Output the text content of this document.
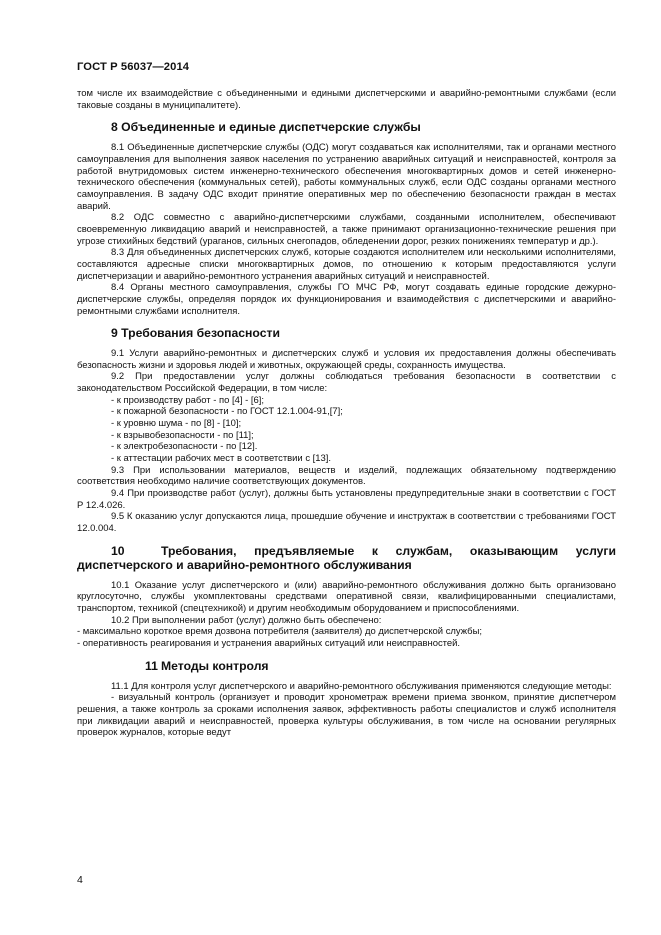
ГОСТ Р 56037—2014

том числе их взаимодействие с объединенными и едиными диспетчерскими и аварийно-ремонтными службами (если таковые созданы в муниципалитете).

8 Объединенные и единые диспетчерские службы

8.1 Объединенные диспетчерские службы (ОДС) могут создаваться как исполнителями, так и органами местного самоуправления для выполнения заявок населения по устранению аварийных ситуаций и неисправностей, контроля за работой внутридомовых систем инженерно-технического обеспечения многоквартирных домов и сетей инженерно-технического обеспечения (коммунальных сетей), работы коммунальных служб, если ОДС созданы органами местного самоуправления. В задачу ОДС входит принятие оперативных мер по обеспечению безопасности граждан в местах аварий.

8.2 ОДС совместно с аварийно-диспетчерскими службами, созданными исполнителем, обеспечивают своевременную ликвидацию аварий и неисправностей, а также принимают организационно-технические решения при угрозе стихийных бедствий (ураганов, сильных снегопадов, обледенении дорог, резких понижениях температур и др.).

8.3 Для объединенных диспетчерских служб, которые создаются исполнителем или несколькими исполнителями, составляются адресные списки многоквартирных домов, по отношению к которым предоставляются услуги диспетчеризации и аварийно-ремонтного устранения аварийных ситуаций и неисправностей.

8.4 Органы местного самоуправления, службы ГО МЧС РФ, могут создавать единые городские дежурно-диспетчерские службы, определяя порядок их функционирования и взаимодействия с диспетчерскими и аварийно-ремонтными службами исполнителя.

9 Требования безопасности

9.1 Услуги аварийно-ремонтных и диспетчерских служб и условия их предоставления должны обеспечивать безопасность жизни и здоровья людей и животных, окружающей среды, сохранность имущества.

9.2 При предоставлении услуг должны соблюдаться требования безопасности в соответствии с законодательством Российской Федерации, в том числе:

- к производству работ - по [4] - [6];

- к пожарной безопасности - по ГОСТ 12.1.004-91,[7];

- к уровню шума - по [8] - [10];

- к взрывобезопасности - по [11];

- к электробезопасности - по [12].

- к аттестации рабочих мест в соответствии с [13].

9.3 При использовании материалов, веществ и изделий, подлежащих обязательному подтверждению соответствия необходимо наличие соответствующих документов.

9.4 При производстве работ (услуг), должны быть установлены предупредительные знаки в соответствии с ГОСТ Р 12.4.026.

9.5 К оказанию услуг допускаются лица, прошедшие обучение и инструктаж в соответствии с требованиями ГОСТ 12.0.004.

10	Требования, предъявляемые к службам, оказывающим услуги диспетчерского и аварийно-ремонтного обслуживания

10.1 Оказание услуг диспетчерского и (или) аварийно-ремонтного обслуживания должно быть организовано круглосуточно, службы укомплектованы средствами оперативной связи, квалифицированными специалистами, транспортом, техникой (спецтехникой) и другим необходимым оборудованием и приспособлениями.

10.2 При выполнении работ (услуг) должно быть обеспечено:

- максимально короткое время дозвона потребителя (заявителя) до диспетчерской службы;

- оперативность реагирования и устранения аварийных ситуаций или неисправностей.

11 Методы контроля

11.1 Для контроля услуг диспетчерского и аварийно-ремонтного обслуживания применяются следующие методы:

- визуальный контроль (организует и проводит хронометраж времени приема звонком, принятие диспетчером решения, а также контроль за сроками исполнения заявок, эффективность работы специалистов и служб исполнителя при ликвидации аварий и неисправностей, проверка культуры обслуживания, в том числе на основании регулярных проверок журналов, которые ведут

4
